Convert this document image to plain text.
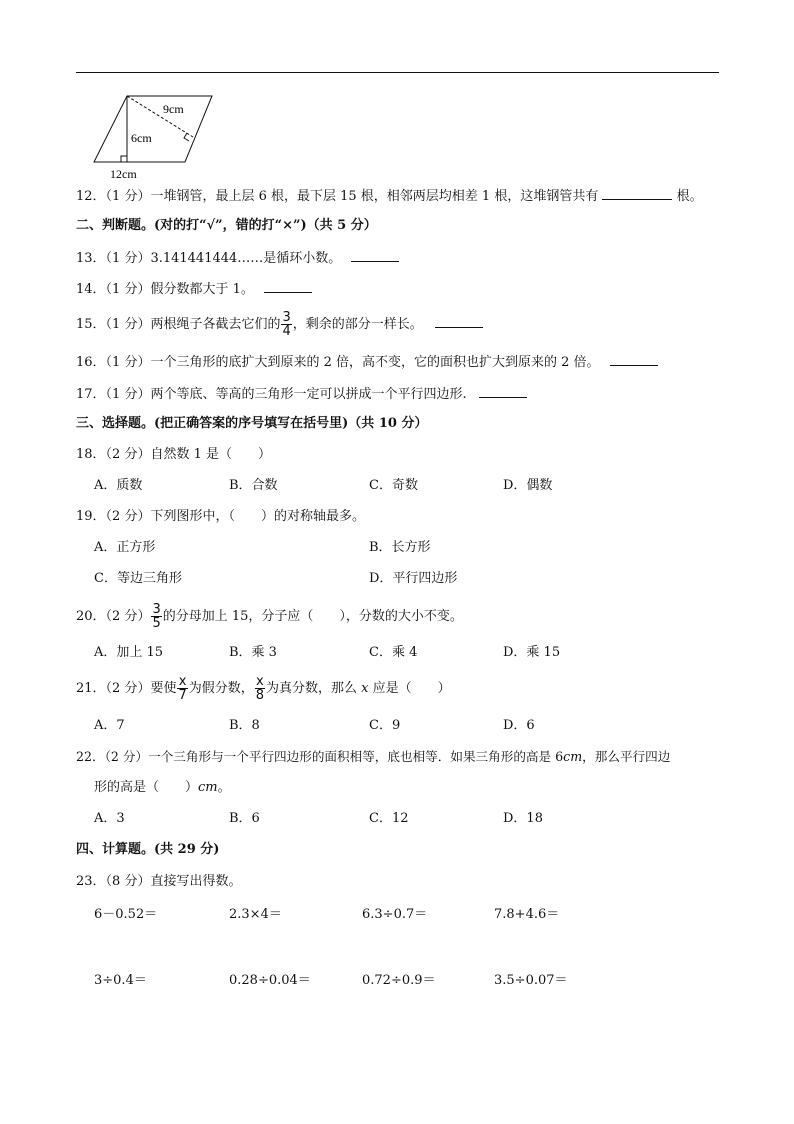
9cm
6cm
12cm
12．（1 分）一堆钢管，最上层 6 根，最下层 15 根，相邻两层均相差 1 根，这堆钢管共有	根。
二、判断题。(对的打“√”，错的打“×”)（共 5 分）
13．（1 分）3.141441444……是循环小数。
14．（1 分）假分数都大于 1。
15．（1 分）两根绳子各截去它们的 $\frac{3}{4}$ ，剩余的部分一样长。
16．（1 分）一个三角形的底扩大到原来的 2 倍，高不变，它的面积也扩大到原来的 2 倍。
17．（1 分）两个等底、等高的三角形一定可以拼成一个平行四边形.
三、选择题。(把正确答案的序号填写在括号里)（共 10 分）
18．（2 分）自然数 1 是（　　）
A．质数	B．合数	C．奇数	D．偶数
19．（2 分）下列图形中，（　　）的对称轴最多。
A．正方形	B．长方形
C．等边三角形	D．平行四边形
20．（2 分） $\frac{3}{5}$ 的分母加上 15，分子应（　　），分数的大小不变。
A．加上 15	B．乘 3	C．乘 4	D．乘 15
21．（2 分）要使 $\frac{x}{7}$ 为假分数， $\frac{x}{8}$ 为真分数，那么 x 应是（　　）
A．7	B．8	C．9	D．6
22．（2 分）一个三角形与一个平行四边形的面积相等，底也相等．如果三角形的高是 6cm，那么平行四边
形的高是（　　）cm。
A．3	B．6	C．12	D．18
四、计算题。(共 29 分)
23．（8 分）直接写出得数。
6－0.52＝	2.3×4＝	6.3÷0.7＝	7.8+4.6＝
3÷0.4＝	0.28÷0.04＝	0.72÷0.9＝	3.5÷0.07＝
